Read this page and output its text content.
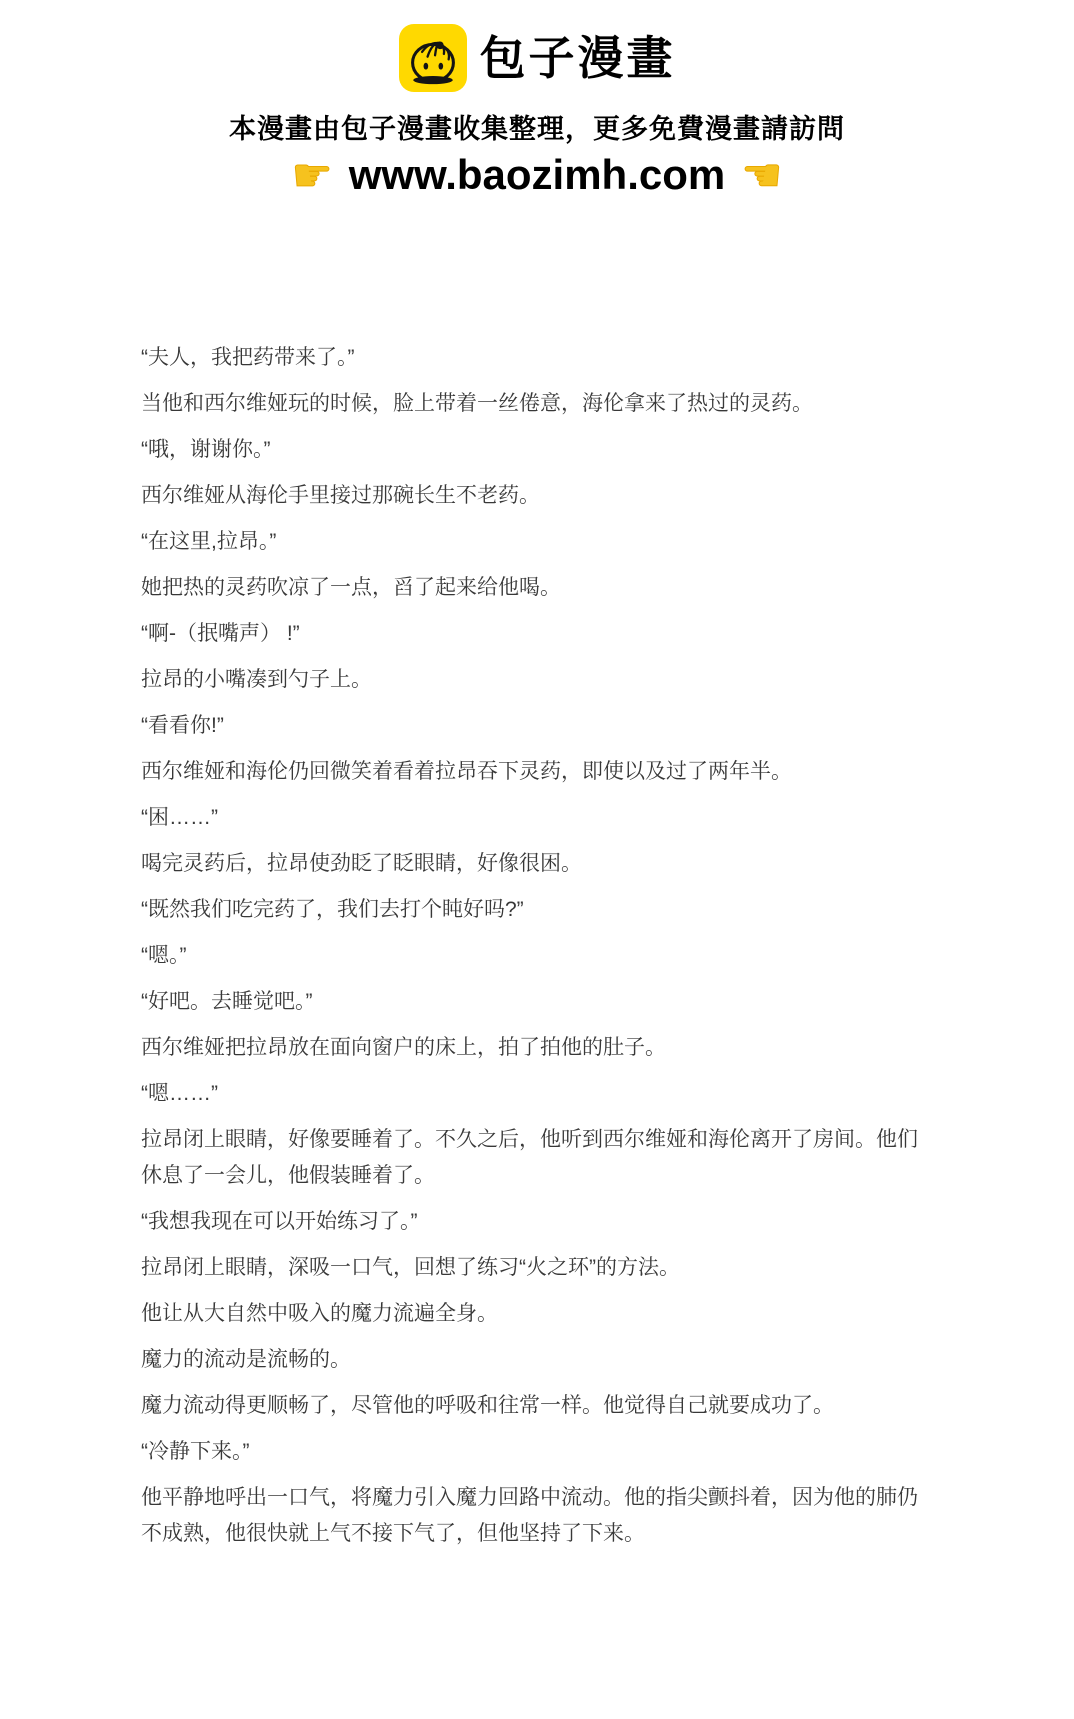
包子漫畫
本漫畫由包子漫畫收集整理，更多免費漫畫請訪問
☛ www.baozimh.com ☚

“夫人，我把药带来了。”

当他和西尔维娅玩的时候，脸上带着一丝倦意，海伦拿来了热过的灵药。

“哦，谢谢你。”

西尔维娅从海伦手里接过那碗长生不老药。

“在这里,拉昂。”

她把热的灵药吹凉了一点，舀了起来给他喝。

“啊-（抿嘴声） !”

拉昂的小嘴凑到勺子上。

“看看你!”

西尔维娅和海伦仍回微笑着看着拉昂吞下灵药，即使以及过了两年半。

“困……”

喝完灵药后，拉昂使劲眨了眨眼睛，好像很困。

“既然我们吃完药了，我们去打个盹好吗?”

“嗯。”

“好吧。去睡觉吧。”

西尔维娅把拉昂放在面向窗户的床上，拍了拍他的肚子。

“嗯……”

拉昂闭上眼睛，好像要睡着了。不久之后，他听到西尔维娅和海伦离开了房间。他们休息了一会儿，他假装睡着了。

“我想我现在可以开始练习了。”

拉昂闭上眼睛，深吸一口气，回想了练习“火之环”的方法。

他让从大自然中吸入的魔力流遍全身。

魔力的流动是流畅的。

魔力流动得更顺畅了，尽管他的呼吸和往常一样。他觉得自己就要成功了。

“冷静下来。”

他平静地呼出一口气，将魔力引入魔力回路中流动。他的指尖颤抖着，因为他的肺仍不成熟，他很快就上气不接下气了，但他坚持了下来。
